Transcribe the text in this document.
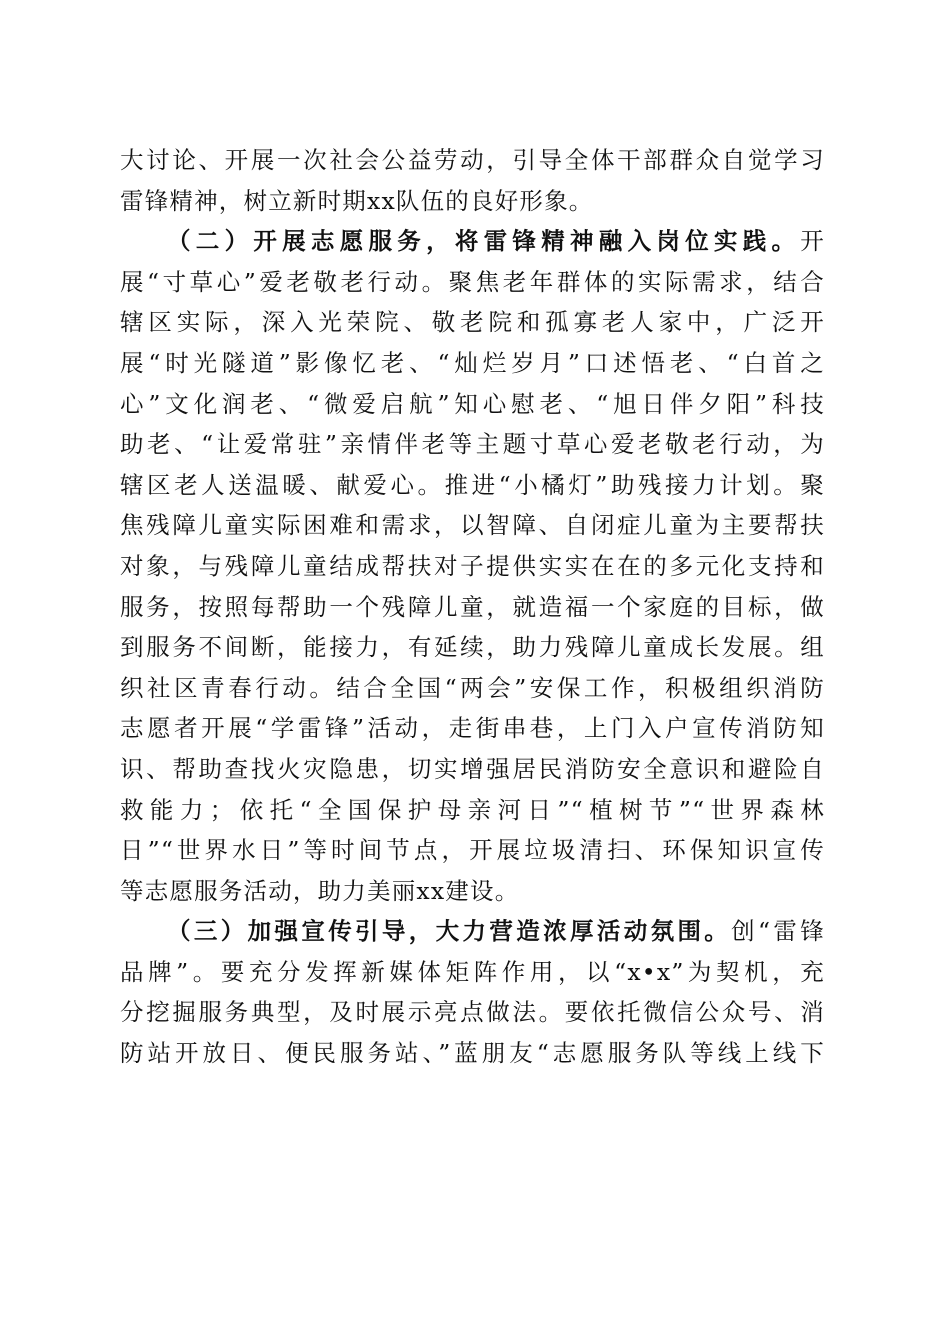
大讨论、开展一次社会公益劳动，引导全体干部群众自觉学习
雷锋精神，树立新时期xx队伍的良好形象。
（二）开展志愿服务，将雷锋精神融入岗位实践。开
展“寸草心”爱老敬老行动。聚焦老年群体的实际需求，结合
辖区实际，深入光荣院、敬老院和孤寡老人家中，广泛开
展“时光隧道”影像忆老、“灿烂岁月”口述悟老、“白首之
心”文化润老、“微爱启航”知心慰老、“旭日伴夕阳”科技
助老、“让爱常驻”亲情伴老等主题寸草心爱老敬老行动，为
辖区老人送温暖、献爱心。推进“小橘灯”助残接力计划。聚
焦残障儿童实际困难和需求，以智障、自闭症儿童为主要帮扶
对象，与残障儿童结成帮扶对子提供实实在在的多元化支持和
服务，按照每帮助一个残障儿童，就造福一个家庭的目标，做
到服务不间断，能接力，有延续，助力残障儿童成长发展。组
织社区青春行动。结合全国“两会”安保工作，积极组织消防
志愿者开展“学雷锋”活动，走街串巷，上门入户宣传消防知
识、帮助查找火灾隐患，切实增强居民消防安全意识和避险自
救能力；依托“全国保护母亲河日”“植树节”“世界森林
日”“世界水日”等时间节点，开展垃圾清扫、环保知识宣传
等志愿服务活动，助力美丽xx建设。
（三）加强宣传引导，大力营造浓厚活动氛围。创“雷锋
品牌”。要充分发挥新媒体矩阵作用，以“x•x”为契机，充
分挖掘服务典型，及时展示亮点做法。要依托微信公众号、消
防站开放日、便民服务站、”蓝朋友“志愿服务队等线上线下
